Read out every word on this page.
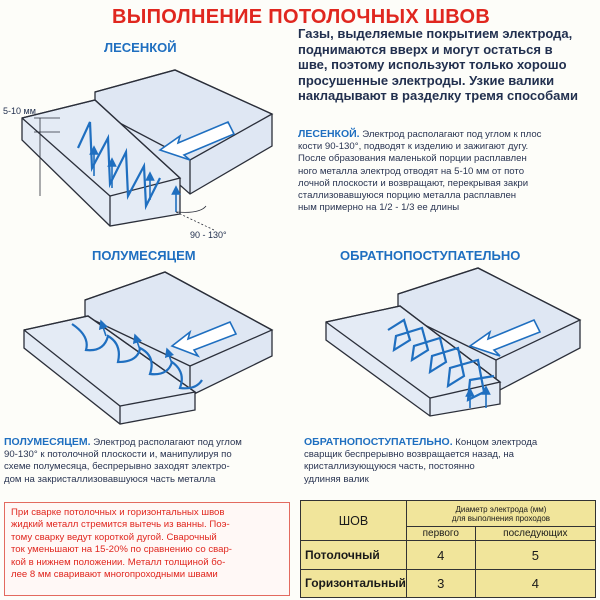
ВЫПОЛНЕНИЕ ПОТОЛОЧНЫХ ШВОВ
ЛЕСЕНКОЙ
ПОЛУМЕСЯЦЕМ	ОБРАТНОПОСТУПАТЕЛЬНО
Газы, выделяемые покрытием электрода,
поднимаются вверх и могут остаться в
шве, поэтому используют только хорошо
просушенные электроды. Узкие валики
накладывают в разделку тремя способами
ЛЕСЕНКОЙ. Электрод располагают под углом к плос
кости 90-130°, подводят к изделию и зажигают дугу.
После образования маленькой порции расплавлен
ного металла электрод отводят на 5-10 мм от пото
лочной плоскости и возвращают, перекрывая закри
сталлизовавшуюся порцию металла расплавлен
ным примерно на 1/2 - 1/3 ее длины
ПОЛУМЕСЯЦЕМ. Электрод располагают под углом
90-130° к потолочной плоскости и, манипулируя по
схеме полумесяца, беспрерывно заходят электро-
дом на закристаллизовавшуюся часть металла
ОБРАТНОПОСТУПАТЕЛЬНО. Концом электрода
сварщик беспрерывно возвращается назад, на
кристаллизующуюся часть, постоянно
удлиняя валик
При сварке потолочных и горизонтальных швов
жидкий металл стремится вытечь из ванны. Поэ-
тому сварку ведут короткой дугой. Сварочный
ток уменьшают на 15-20% по сравнению со свар-
кой в нижнем положении. Металл толщиной бо-
лее 8 мм сваривают многопроходными швами
ШОВ	Диаметр электрода (мм)
для выполнения проходов	

	первого	последующих
Потолочный	4	5
Горизонтальный	3	4
5-10 мм
90 - 130°
